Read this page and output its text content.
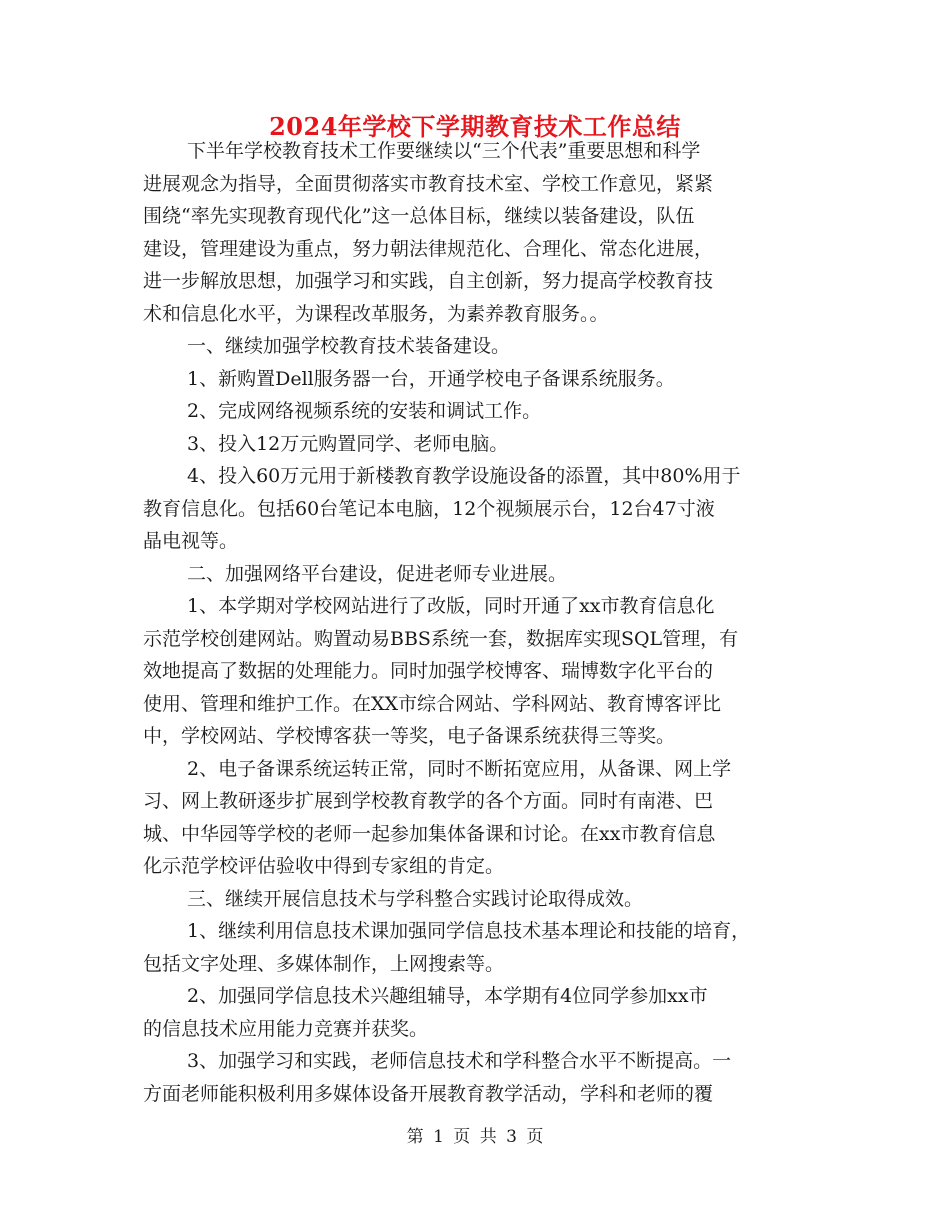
2024年学校下学期教育技术工作总结
下半年学校教育技术工作要继续以“三个代表”重要思想和科学
进展观念为指导，全面贯彻落实市教育技术室、学校工作意见，紧紧
围绕“率先实现教育现代化”这一总体目标，继续以装备建设，队伍
建设，管理建设为重点，努力朝法律规范化、合理化、常态化进展，
进一步解放思想，加强学习和实践，自主创新，努力提高学校教育技
术和信息化水平，为课程改革服务，为素养教育服务。。
一、继续加强学校教育技术装备建设。
1、新购置Dell服务器一台，开通学校电子备课系统服务。
2、完成网络视频系统的安装和调试工作。
3、投入12万元购置同学、老师电脑。
4、投入60万元用于新楼教育教学设施设备的添置，其中80%用于
教育信息化。包括60台笔记本电脑，12个视频展示台，12台47寸液
晶电视等。
二、加强网络平台建设，促进老师专业进展。
1、本学期对学校网站进行了改版，同时开通了xx市教育信息化
示范学校创建网站。购置动易BBS系统一套，数据库实现SQL管理，有
效地提高了数据的处理能力。同时加强学校博客、瑞博数字化平台的
使用、管理和维护工作。在XX市综合网站、学科网站、教育博客评比
中，学校网站、学校博客获一等奖，电子备课系统获得三等奖。
2、电子备课系统运转正常，同时不断拓宽应用，从备课、网上学
习、网上教研逐步扩展到学校教育教学的各个方面。同时有南港、巴
城、中华园等学校的老师一起参加集体备课和讨论。在xx市教育信息
化示范学校评估验收中得到专家组的肯定。
三、继续开展信息技术与学科整合实践讨论取得成效。
1、继续利用信息技术课加强同学信息技术基本理论和技能的培育，
包括文字处理、多媒体制作，上网搜索等。
2、加强同学信息技术兴趣组辅导，本学期有4位同学参加xx市
的信息技术应用能力竞赛并获奖。
3、加强学习和实践，老师信息技术和学科整合水平不断提高。一
方面老师能积极利用多媒体设备开展教育教学活动，学科和老师的覆
第 1 页 共 3 页
